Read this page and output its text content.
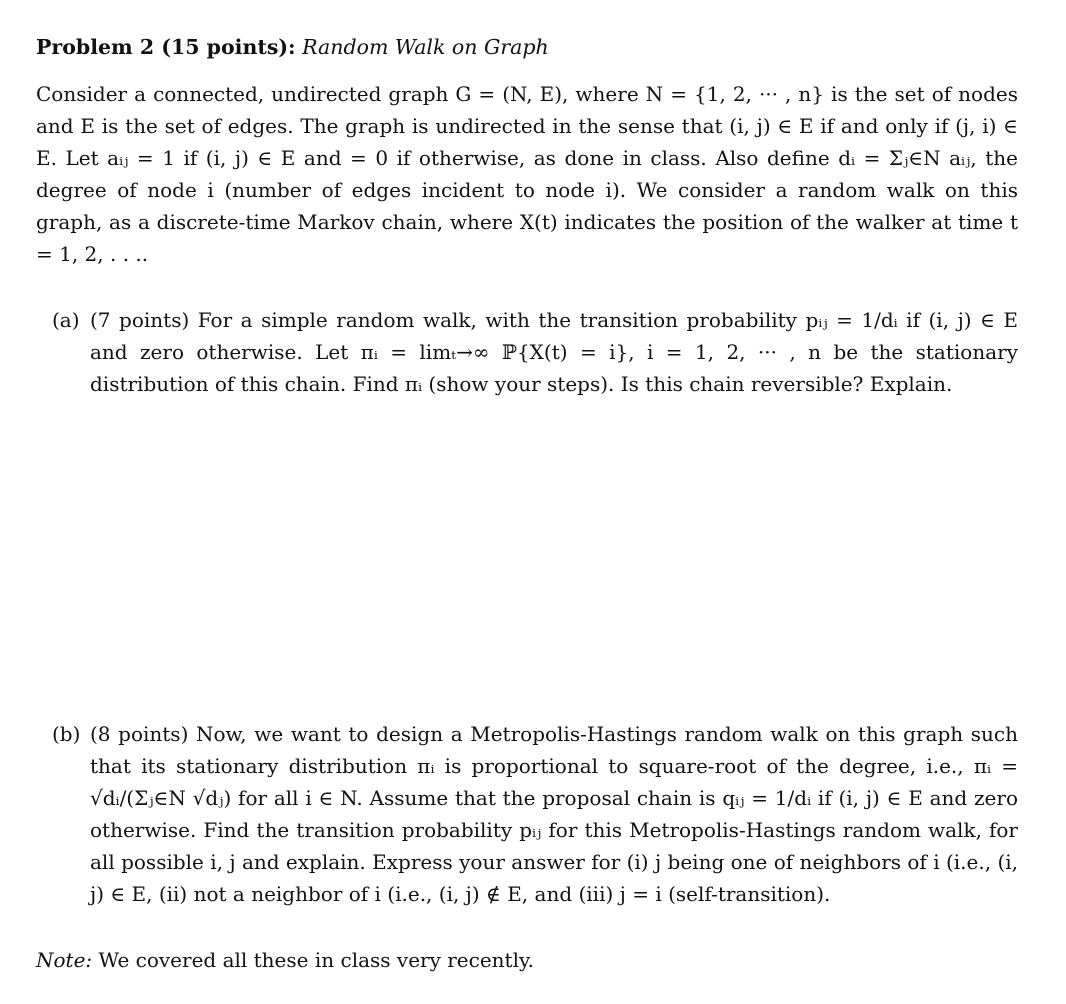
Problem 2 (15 points): Random Walk on Graph

Consider a connected, undirected graph G = (N, E), where N = {1, 2, ··· , n} is the set of nodes and E is the set of edges. The graph is undirected in the sense that (i, j) ∈ E if and only if (j, i) ∈ E. Let aᵢⱼ = 1 if (i, j) ∈ E and = 0 if otherwise, as done in class. Also define dᵢ = Σⱼ∈N aᵢⱼ, the degree of node i (number of edges incident to node i). We consider a random walk on this graph, as a discrete-time Markov chain, where X(t) indicates the position of the walker at time t = 1, 2, . . ..

(a) (7 points) For a simple random walk, with the transition probability pᵢⱼ = 1/dᵢ if (i, j) ∈ E and zero otherwise. Let πᵢ = limₜ→∞ ℙ{X(t) = i}, i = 1, 2, ··· , n be the stationary distribution of this chain. Find πᵢ (show your steps). Is this chain reversible? Explain.
(b) (8 points) Now, we want to design a Metropolis-Hastings random walk on this graph such that its stationary distribution πᵢ is proportional to square-root of the degree, i.e., πᵢ = √dᵢ/(Σⱼ∈N √dⱼ) for all i ∈ N. Assume that the proposal chain is qᵢⱼ = 1/dᵢ if (i, j) ∈ E and zero otherwise. Find the transition probability pᵢⱼ for this Metropolis-Hastings random walk, for all possible i, j and explain. Express your answer for (i) j being one of neighbors of i (i.e., (i, j) ∈ E, (ii) not a neighbor of i (i.e., (i, j) ∉ E, and (iii) j = i (self-transition).

Note: We covered all these in class very recently.
